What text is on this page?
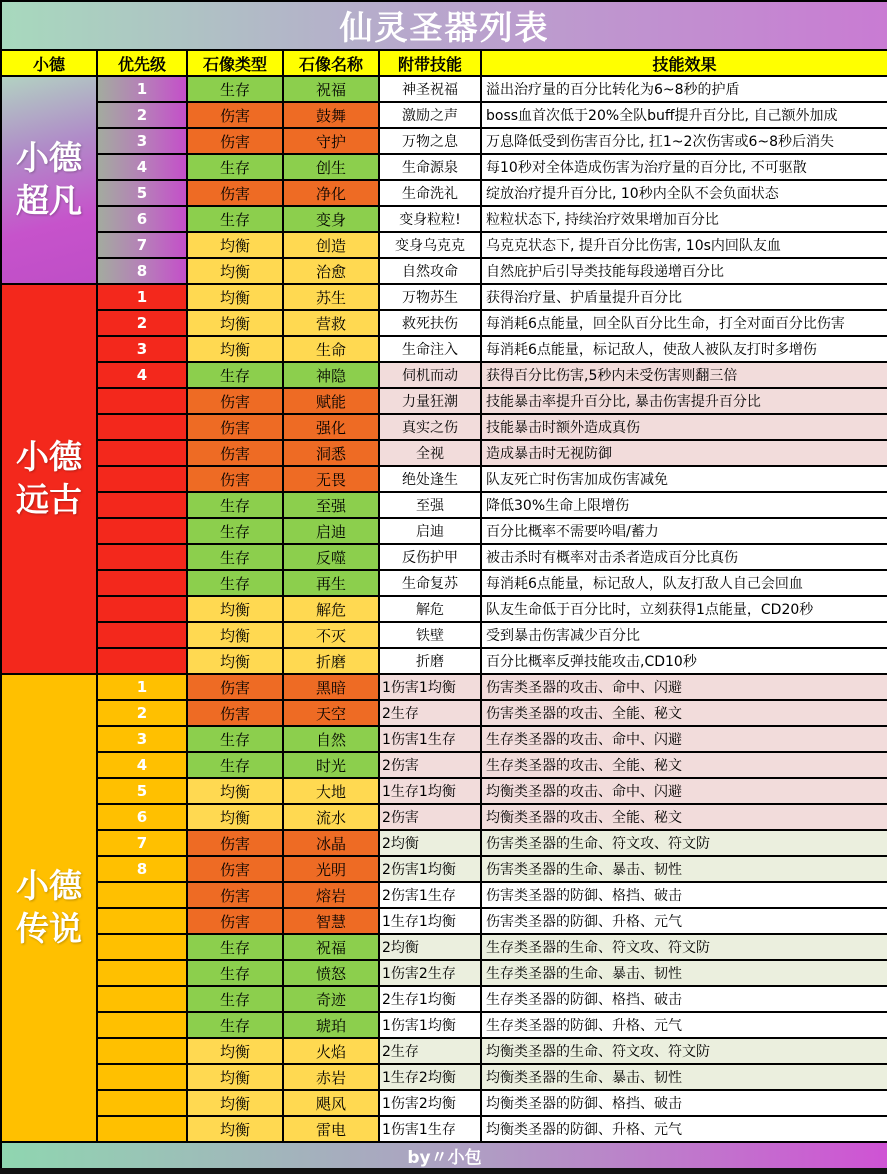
仙灵圣器列表					
小德	优先级	石像类型	石像名称	附带技能	技能效果
小德
超凡	1	生存	祝福	神圣祝福	溢出治疗量的百分比转化为6~8秒的护盾
	2	伤害	鼓舞	激励之声	boss血首次低于20%全队buff提升百分比, 自己额外加成
	3	伤害	守护	万物之息	万息降低受到伤害百分比, 扛1~2次伤害或6~8秒后消失
	4	生存	创生	生命源泉	每10秒对全体造成伤害为治疗量的百分比, 不可驱散
	5	伤害	净化	生命洗礼	绽放治疗提升百分比, 10秒内全队不会负面状态
	6	生存	变身	变身粒粒!	粒粒状态下, 持续治疗效果增加百分比
	7	均衡	创造	变身乌克克	乌克克状态下, 提升百分比伤害, 10s内回队友血
	8	均衡	治愈	自然攻命	自然庇护后引导类技能每段递增百分比
小德
远古	1	均衡	苏生	万物苏生	获得治疗量、护盾量提升百分比
	2	均衡	营救	救死扶伤	每消耗6点能量，回全队百分比生命，打全对面百分比伤害
	3	均衡	生命	生命注入	每消耗6点能量，标记敌人，使敌人被队友打时多增伤
	4	生存	神隐	伺机而动	获得百分比伤害,5秒内未受伤害则翻三倍
		伤害	赋能	力量狂潮	技能暴击率提升百分比, 暴击伤害提升百分比
		伤害	强化	真实之伤	技能暴击时额外造成真伤
		伤害	洞悉	全视	造成暴击时无视防御
		伤害	无畏	绝处逢生	队友死亡时伤害加成伤害减免
		生存	至强	至强	降低30%生命上限增伤
		生存	启迪	启迪	百分比概率不需要吟唱/蓄力
		生存	反噬	反伤护甲	被击杀时有概率对击杀者造成百分比真伤
		生存	再生	生命复苏	每消耗6点能量，标记敌人，队友打敌人自己会回血
		均衡	解危	解危	队友生命低于百分比时，立刻获得1点能量，CD20秒
		均衡	不灭	铁壁	受到暴击伤害减少百分比
		均衡	折磨	折磨	百分比概率反弹技能攻击,CD10秒
小德
传说	1	伤害	黑暗	1伤害1均衡	伤害类圣器的攻击、命中、闪避
	2	伤害	天空	2生存	伤害类圣器的攻击、全能、秘文
	3	生存	自然	1伤害1生存	生存类圣器的攻击、命中、闪避
	4	生存	时光	2伤害	生存类圣器的攻击、全能、秘文
	5	均衡	大地	1生存1均衡	均衡类圣器的攻击、命中、闪避
	6	均衡	流水	2伤害	均衡类圣器的攻击、全能、秘文
	7	伤害	冰晶	2均衡	伤害类圣器的生命、符文攻、符文防
	8	伤害	光明	2伤害1均衡	伤害类圣器的生命、暴击、韧性
		伤害	熔岩	2伤害1生存	伤害类圣器的防御、格挡、破击
		伤害	智慧	1生存1均衡	伤害类圣器的防御、升格、元气
		生存	祝福	2均衡	生存类圣器的生命、符文攻、符文防
		生存	愤怒	1伤害2生存	生存类圣器的生命、暴击、韧性
		生存	奇迹	2生存1均衡	生存类圣器的防御、格挡、破击
		生存	琥珀	1伤害1均衡	生存类圣器的防御、升格、元气
		均衡	火焰	2生存	均衡类圣器的生命、符文攻、符文防
		均衡	赤岩	1生存2均衡	均衡类圣器的生命、暴击、韧性
		均衡	飓风	1伤害2均衡	均衡类圣器的防御、格挡、破击
		均衡	雷电	1伤害1生存	均衡类圣器的防御、升格、元气
by〃小包					
